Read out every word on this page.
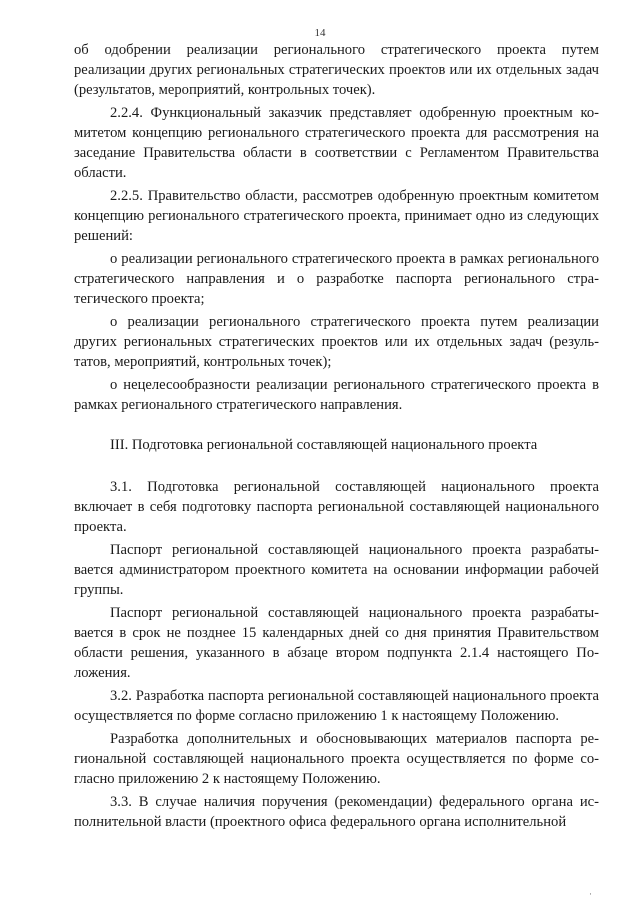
14

об одобрении реализации регионального стратегического проекта путем реализации других региональных стратегических проектов или их отдельных задач (результатов, мероприятий, контрольных точек).

2.2.4. Функциональный заказчик представляет одобренную проектным комитетом концепцию регионального стратегического проекта для рассмотрения на заседание Правительства области в соответствии с Регламентом Правительства области.

2.2.5. Правительство области, рассмотрев одобренную проектным комитетом концепцию регионального стратегического проекта, принимает одно из следующих решений:

о реализации регионального стратегического проекта в рамках регионального стратегического направления и о разработке паспорта регионального стратегического проекта;

о реализации регионального стратегического проекта путем реализации других региональных стратегических проектов или их отдельных задач (результатов, мероприятий, контрольных точек);

о нецелесообразности реализации регионального стратегического проекта в рамках регионального стратегического направления.

III. Подготовка региональной составляющей национального проекта

3.1. Подготовка региональной составляющей национального проекта включает в себя подготовку паспорта региональной составляющей национального проекта.

Паспорт региональной составляющей национального проекта разрабатывается администратором проектного комитета на основании информации рабочей группы.

Паспорт региональной составляющей национального проекта разрабатывается в срок не позднее 15 календарных дней со дня принятия Правительством области решения, указанного в абзаце втором подпункта 2.1.4 настоящего Положения.

3.2. Разработка паспорта региональной составляющей национального проекта осуществляется по форме согласно приложению 1 к настоящему Положению.

Разработка дополнительных и обосновывающих материалов паспорта региональной составляющей национального проекта осуществляется по форме согласно приложению 2 к настоящему Положению.

3.3. В случае наличия поручения (рекомендации) федерального органа исполнительной власти (проектного офиса федерального органа исполнительной

·
